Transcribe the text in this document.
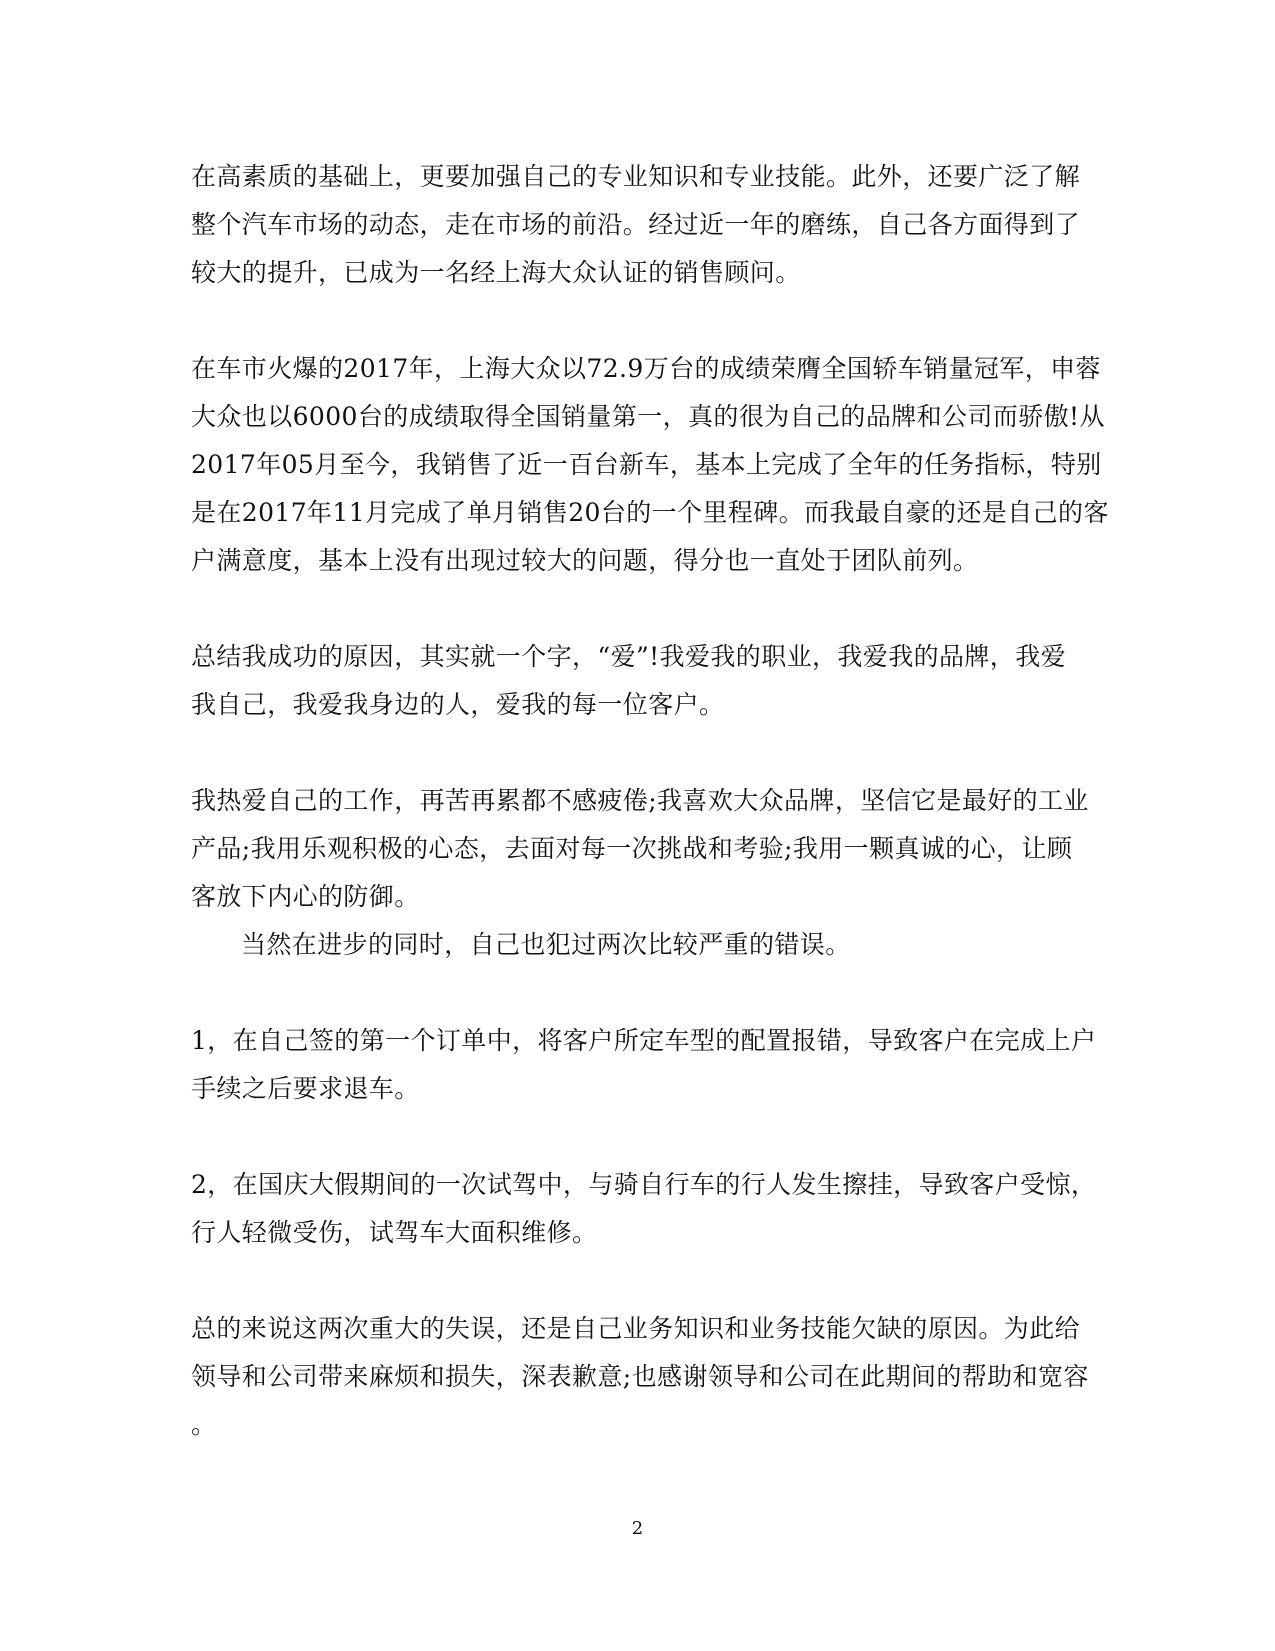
在高素质的基础上，更要加强自己的专业知识和专业技能。此外，还要广泛了解
整个汽车市场的动态，走在市场的前沿。经过近一年的磨练，自己各方面得到了
较大的提升，已成为一名经上海大众认证的销售顾问。

在车市火爆的2017年，上海大众以72.9万台的成绩荣膺全国轿车销量冠军，申蓉
大众也以6000台的成绩取得全国销量第一，真的很为自己的品牌和公司而骄傲!从
2017年05月至今，我销售了近一百台新车，基本上完成了全年的任务指标，特别
是在2017年11月完成了单月销售20台的一个里程碑。而我最自豪的还是自己的客
户满意度，基本上没有出现过较大的问题，得分也一直处于团队前列。

总结我成功的原因，其实就一个字，“爱”!我爱我的职业，我爱我的品牌，我爱
我自己，我爱我身边的人，爱我的每一位客户。

我热爱自己的工作，再苦再累都不感疲倦;我喜欢大众品牌，坚信它是最好的工业
产品;我用乐观积极的心态，去面对每一次挑战和考验;我用一颗真诚的心，让顾
客放下内心的防御。

当然在进步的同时，自己也犯过两次比较严重的错误。

1，在自己签的第一个订单中，将客户所定车型的配置报错，导致客户在完成上户
手续之后要求退车。

2，在国庆大假期间的一次试驾中，与骑自行车的行人发生擦挂，导致客户受惊，
行人轻微受伤，试驾车大面积维修。

总的来说这两次重大的失误，还是自己业务知识和业务技能欠缺的原因。为此给
领导和公司带来麻烦和损失，深表歉意;也感谢领导和公司在此期间的帮助和宽容
。

2
